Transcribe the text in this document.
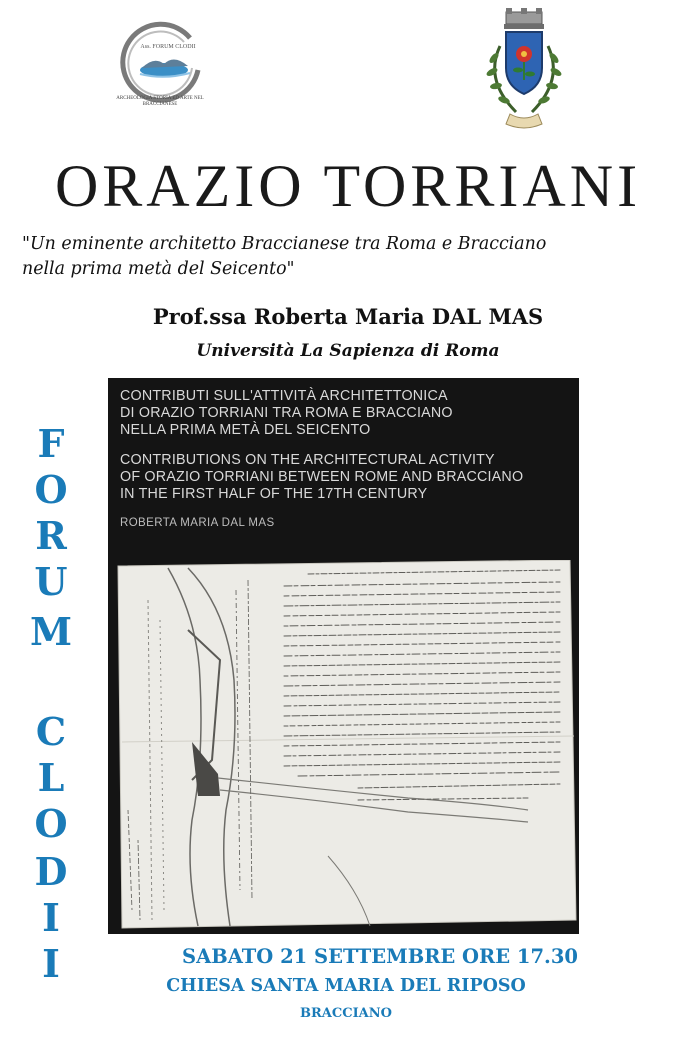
Ass. FORUM CLODII
ARCHEOLOGIA STORIA ED ARTE NEL BRACCIANESE
ORAZIO TORRIANI
"Un eminente architetto Braccianese tra Roma e Bracciano
nella prima metà del Seicento"
Prof.ssa Roberta Maria DAL MAS
Università La Sapienza di Roma
F
O
R
U
M
C
L
O
D
I
I
CONTRIBUTI SULL'ATTIVITÀ ARCHITETTONICA
DI ORAZIO TORRIANI TRA ROMA E BRACCIANO
NELLA PRIMA METÀ DEL SEICENTO
CONTRIBUTIONS ON THE ARCHITECTURAL ACTIVITY
OF ORAZIO TORRIANI BETWEEN ROME AND BRACCIANO
IN THE FIRST HALF OF THE 17TH CENTURY
ROBERTA MARIA DAL MAS
SABATO 21 SETTEMBRE ORE 17.30
CHIESA SANTA MARIA DEL RIPOSO
BRACCIANO
